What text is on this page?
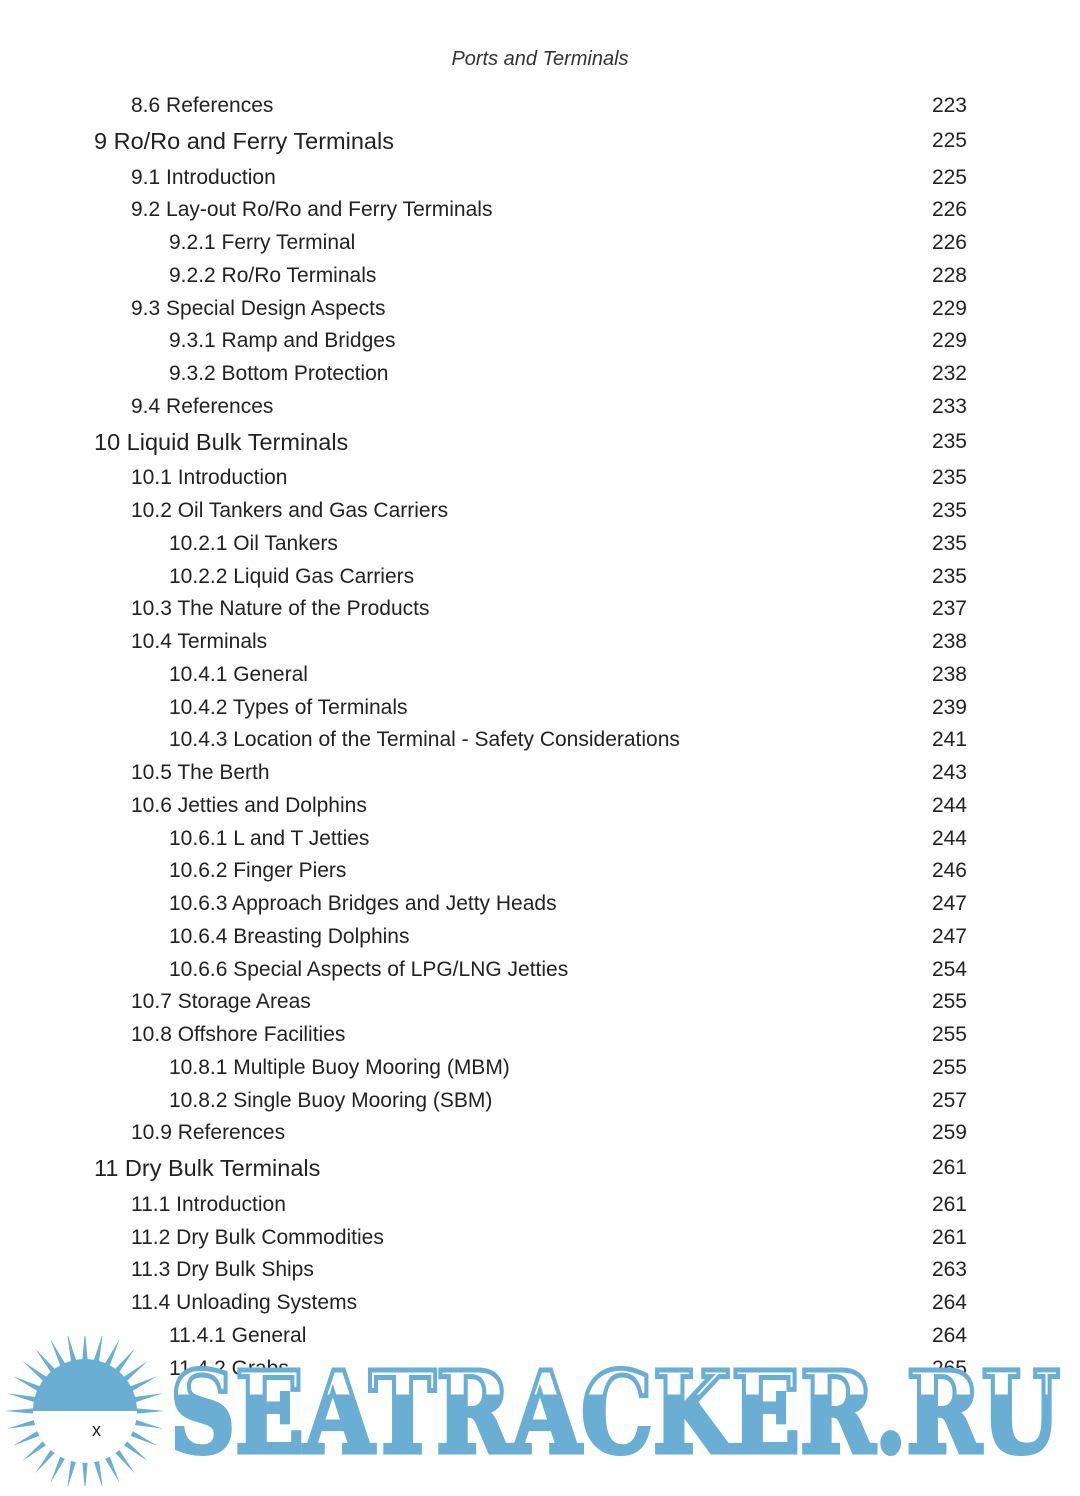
Ports and Terminals
8.6 References	223
9 Ro/Ro and Ferry Terminals	225
9.1 Introduction	225
9.2 Lay-out Ro/Ro and Ferry Terminals	226
9.2.1 Ferry Terminal	226
9.2.2 Ro/Ro Terminals	228
9.3 Special Design Aspects	229
9.3.1 Ramp and Bridges	229
9.3.2 Bottom Protection	232
9.4 References	233
10 Liquid Bulk Terminals	235
10.1 Introduction	235
10.2 Oil Tankers and Gas Carriers	235
10.2.1 Oil Tankers	235
10.2.2 Liquid Gas Carriers	235
10.3 The Nature of the Products	237
10.4 Terminals	238
10.4.1 General	238
10.4.2 Types of Terminals	239
10.4.3 Location of the Terminal - Safety Considerations	241
10.5 The Berth	243
10.6 Jetties and Dolphins	244
10.6.1 L and T Jetties	244
10.6.2 Finger Piers	246
10.6.3 Approach Bridges and Jetty Heads	247
10.6.4 Breasting Dolphins	247
10.6.6 Special Aspects of LPG/LNG Jetties	254
10.7 Storage Areas	255
10.8 Offshore Facilities	255
10.8.1 Multiple Buoy Mooring (MBM)	255
10.8.2 Single Buoy Mooring (SBM)	257
10.9 References	259
11 Dry Bulk Terminals	261
11.1 Introduction	261
11.2 Dry Bulk Commodities	261
11.3 Dry Bulk Ships	263
11.4 Unloading Systems	264
11.4.1 General	264
11.4.2 Grabs	265
SEATRACKER.RU
x
